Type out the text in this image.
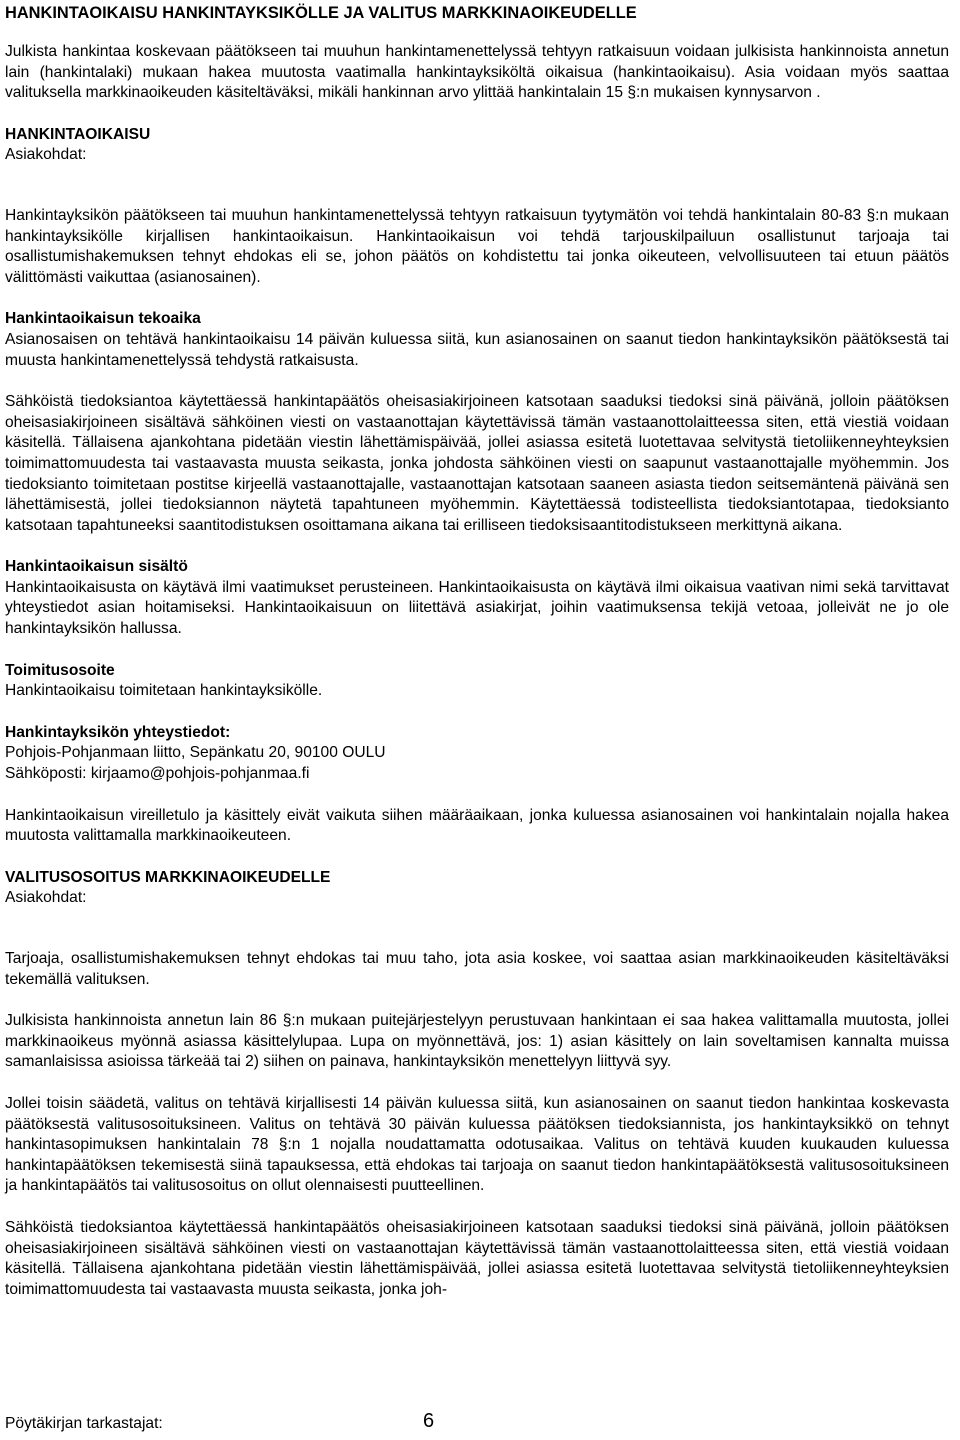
HANKINTAOIKAISU HANKINTAYKSIKÖLLE JA VALITUS MARKKINAOIKEUDELLE
Julkista hankintaa koskevaan päätökseen tai muuhun hankintamenettelyssä tehtyyn ratkaisuun voidaan julkisista hankinnoista annetun lain (hankintalaki) mukaan hakea muutosta vaatimalla hankintayksiköltä oikaisua (hankintaoikaisu). Asia voidaan myös saattaa valituksella markkinaoikeuden käsiteltäväksi, mikäli hankinnan arvo ylittää hankintalain 15 §:n mukaisen kynnysarvon .
HANKINTAOIKAISU
Asiakohdat:
Hankintayksikön päätökseen tai muuhun hankintamenettelyssä tehtyyn ratkaisuun tyytymätön voi tehdä hankintalain 80-83 §:n mukaan hankintayksikölle kirjallisen hankintaoikaisun. Hankintaoikaisun voi tehdä tarjouskilpailuun osallistunut tarjoaja tai osallistumishakemuksen tehnyt ehdokas eli se, johon päätös on kohdistettu tai jonka oikeuteen, velvollisuuteen tai etuun päätös välittömästi vaikuttaa (asianosainen).
Hankintaoikaisun tekoaika
Asianosaisen on tehtävä hankintaoikaisu 14 päivän kuluessa siitä, kun asianosainen on saanut tiedon hankintayksikön päätöksestä tai muusta hankintamenettelyssä tehdystä ratkaisusta.
Sähköistä tiedoksiantoa käytettäessä hankintapäätös oheisasiakirjoineen katsotaan saaduksi tiedoksi sinä päivänä, jolloin päätöksen oheisasiakirjoineen sisältävä sähköinen viesti on vastaanottajan käytettävissä tämän vastaanottolaitteessa siten, että viestiä voidaan käsitellä. Tällaisena ajankohtana pidetään viestin lähettämispäivää, jollei asiassa esitetä luotettavaa selvitystä tietoliikenneyhteyksien toimimattomuudesta tai vastaavasta muusta seikasta, jonka johdosta sähköinen viesti on saapunut vastaanottajalle myöhemmin. Jos tiedoksianto toimitetaan postitse kirjeellä vastaanottajalle, vastaanottajan katsotaan saaneen asiasta tiedon seitsemäntenä päivänä sen lähettämisestä, jollei tiedoksiannon näytetä tapahtuneen myöhemmin. Käytettäessä todisteellista tiedoksiantotapaa, tiedoksianto katsotaan tapahtuneeksi saantitodistuksen osoittamana aikana tai erilliseen tiedoksisaantitodistukseen merkittynä aikana.
Hankintaoikaisun sisältö
Hankintaoikaisusta on käytävä ilmi vaatimukset perusteineen. Hankintaoikaisusta on käytävä ilmi oikaisua vaativan nimi sekä tarvittavat yhteystiedot asian hoitamiseksi. Hankintaoikaisuun on liitettävä asiakirjat, joihin vaatimuksensa tekijä vetoaa, jolleivät ne jo ole hankintayksikön hallussa.
Toimitusosoite
Hankintaoikaisu toimitetaan hankintayksikölle.
Hankintayksikön yhteystiedot:
Pohjois-Pohjanmaan liitto, Sepänkatu 20, 90100 OULU
Sähköposti: kirjaamo@pohjois-pohjanmaa.fi
Hankintaoikaisun vireilletulo ja käsittely eivät vaikuta siihen määräaikaan, jonka kuluessa asianosainen voi hankintalain nojalla hakea muutosta valittamalla markkinaoikeuteen.
VALITUSOSOITUS MARKKINAOIKEUDELLE
Asiakohdat:
Tarjoaja, osallistumishakemuksen tehnyt ehdokas tai muu taho, jota asia koskee, voi saattaa asian markkinaoikeuden käsiteltäväksi tekemällä valituksen.
Julkisista hankinnoista annetun lain 86 §:n mukaan puitejärjestelyyn perustuvaan hankintaan ei saa hakea valittamalla muutosta, jollei markkinaoikeus myönnä asiassa käsittelylupaa. Lupa on myönnettävä, jos: 1) asian käsittely on lain soveltamisen kannalta muissa samanlaisissa asioissa tärkeää tai 2) siihen on painava, hankintayksikön menettelyyn liittyvä syy.
Jollei toisin säädetä, valitus on tehtävä kirjallisesti 14 päivän kuluessa siitä, kun asianosainen on saanut tiedon hankintaa koskevasta päätöksestä valitusosoituksineen. Valitus on tehtävä 30 päivän kuluessa päätöksen tiedoksiannista, jos hankintayksikkö on tehnyt hankintasopimuksen hankintalain 78 §:n 1 nojalla noudattamatta odotusaikaa. Valitus on tehtävä kuuden kuukauden kuluessa hankintapäätöksen tekemisestä siinä tapauksessa, että ehdokas tai tarjoaja on saanut tiedon hankintapäätöksestä valitusosoituksineen ja hankintapäätös tai valitusosoitus on ollut olennaisesti puutteellinen.
Sähköistä tiedoksiantoa käytettäessä hankintapäätös oheisasiakirjoineen katsotaan saaduksi tiedoksi sinä päivänä, jolloin päätöksen oheisasiakirjoineen sisältävä sähköinen viesti on vastaanottajan käytettävissä tämän vastaanottolaitteessa siten, että viestiä voidaan käsitellä. Tällaisena ajankohtana pidetään viestin lähettämispäivää, jollei asiassa esitetä luotettavaa selvitystä tietoliikenneyhteyksien toimimattomuudesta tai vastaavasta muusta seikasta, jonka joh-
Pöytäkirjan tarkastajat:	6
